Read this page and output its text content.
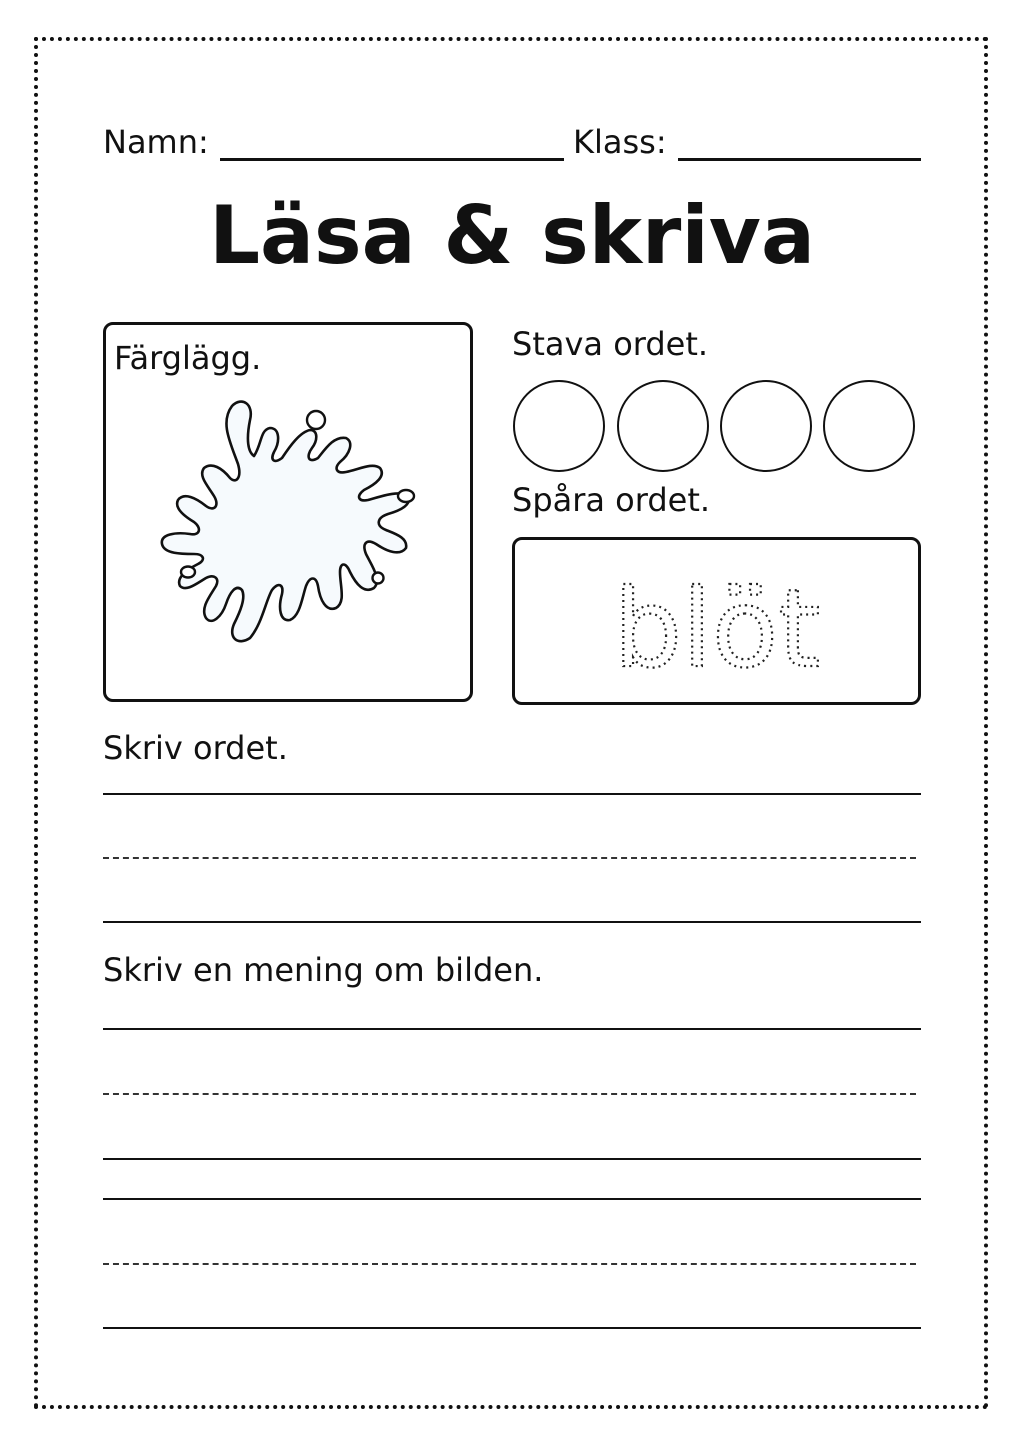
Namn:	Klass:
Läsa & skriva
Färglägg.	Stava ordet.
Spåra ordet.
blöt
Skriv ordet.
Skriv en mening om bilden.
